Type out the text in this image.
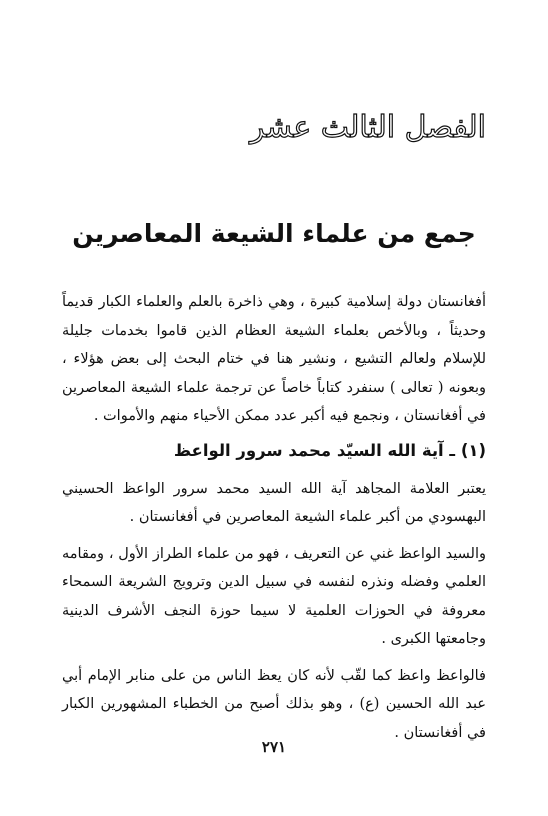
الفصل الثالث عشر
جمع من علماء الشيعة المعاصرين

أفغانستان دولة إسلامية كبيرة ، وهي ذاخرة بالعلم والعلماء الكبار قديماً وحديثاً ، وبالأخص بعلماء الشيعة العظام الذين قاموا بخدمات جليلة للإسلام ولعالم التشيع ، ونشير هنا في ختام البحث إلى بعض هؤلاء ، وبعونه ( تعالى ) سنفرد كتاباً خاصاً عن ترجمة علماء الشيعة المعاصرين في أفغانستان ، ونجمع فيه أكبر عدد ممكن الأحياء منهم والأموات .

(١) ـ آية الله السيّد محمد سرور الواعظ

يعتبر العلامة المجاهد آية الله السيد محمد سرور الواعظ الحسيني البهسودي من أكبر علماء الشيعة المعاصرين في أفغانستان .

والسيد الواعظ غني عن التعريف ، فهو من علماء الطراز الأول ، ومقامه العلمي وفضله ونذره لنفسه في سبيل الدين وترويج الشريعة السمحاء معروفة في الحوزات العلمية لا سيما حوزة النجف الأشرف الدينية وجامعتها الكبرى .

فالواعظ واعظ كما لقّب لأنه كان يعظ الناس من على منابر الإمام أبي عبد الله الحسين (ع) ، وهو بذلك أصبح من الخطباء المشهورين الكبار في أفغانستان .

٢٧١
